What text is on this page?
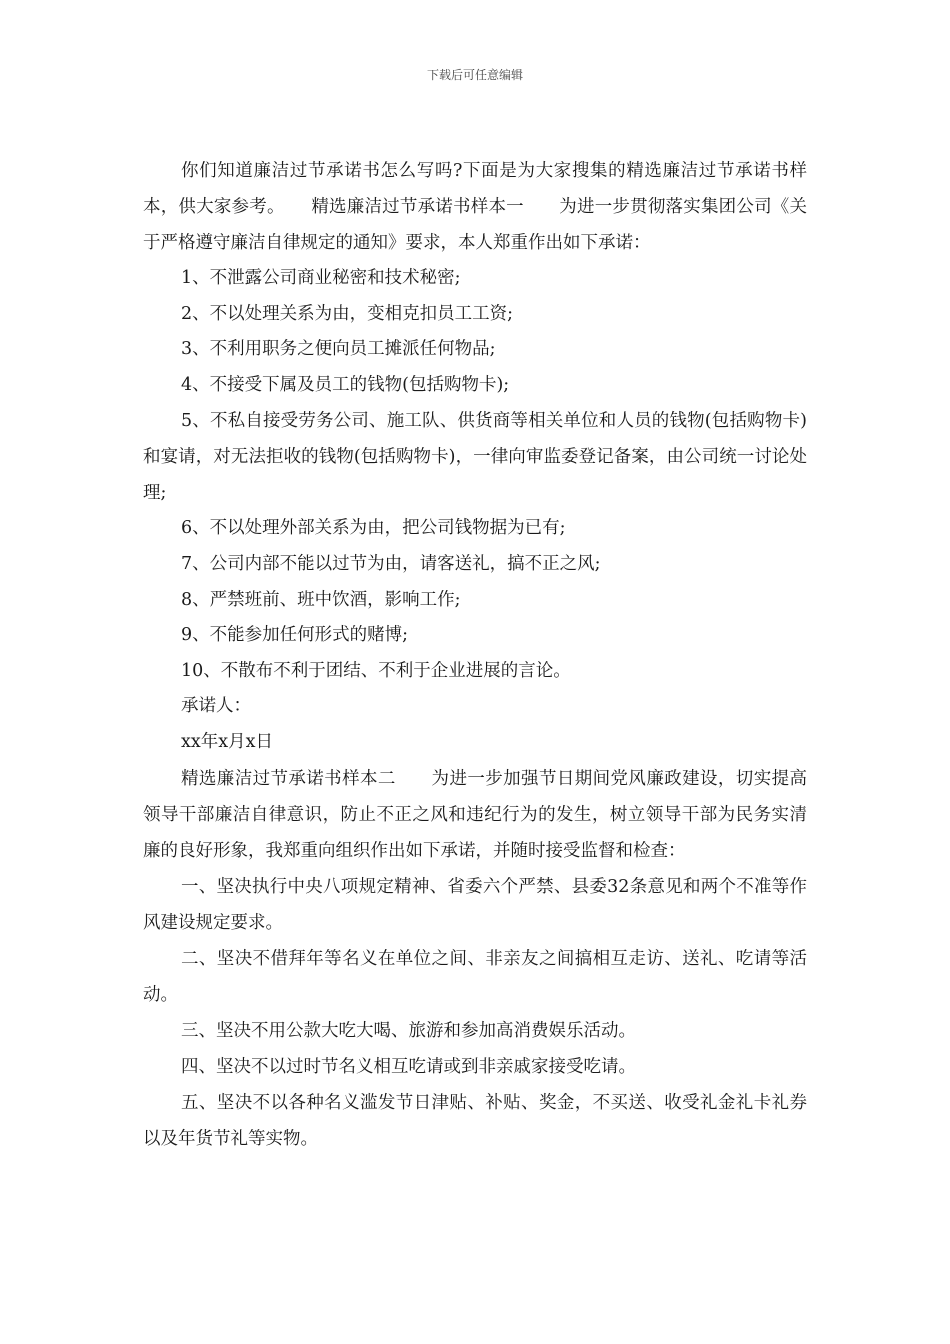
下载后可任意编辑

你们知道廉洁过节承诺书怎么写吗?下面是为大家搜集的精选廉洁过节承诺书样本，供大家参考。　　精选廉洁过节承诺书样本一　　为进一步贯彻落实集团公司《关于严格遵守廉洁自律规定的通知》要求，本人郑重作出如下承诺：

1、不泄露公司商业秘密和技术秘密;

2、不以处理关系为由，变相克扣员工工资;

3、不利用职务之便向员工摊派任何物品;

4、不接受下属及员工的钱物(包括购物卡);

5、不私自接受劳务公司、施工队、供货商等相关单位和人员的钱物(包括购物卡)和宴请，对无法拒收的钱物(包括购物卡)，一律向审监委登记备案，由公司统一讨论处理;

6、不以处理外部关系为由，把公司钱物据为已有;

7、公司内部不能以过节为由，请客送礼，搞不正之风;

8、严禁班前、班中饮酒，影响工作;

9、不能参加任何形式的赌博;

10、不散布不利于团结、不利于企业进展的言论。

承诺人：

xx年x月x日

精选廉洁过节承诺书样本二　　为进一步加强节日期间党风廉政建设，切实提高领导干部廉洁自律意识，防止不正之风和违纪行为的发生，树立领导干部为民务实清廉的良好形象，我郑重向组织作出如下承诺，并随时接受监督和检查：

一、坚决执行中央八项规定精神、省委六个严禁、县委32条意见和两个不准等作风建设规定要求。

二、坚决不借拜年等名义在单位之间、非亲友之间搞相互走访、送礼、吃请等活动。

三、坚决不用公款大吃大喝、旅游和参加高消费娱乐活动。

四、坚决不以过时节名义相互吃请或到非亲戚家接受吃请。

五、坚决不以各种名义滥发节日津贴、补贴、奖金，不买送、收受礼金礼卡礼券以及年货节礼等实物。
